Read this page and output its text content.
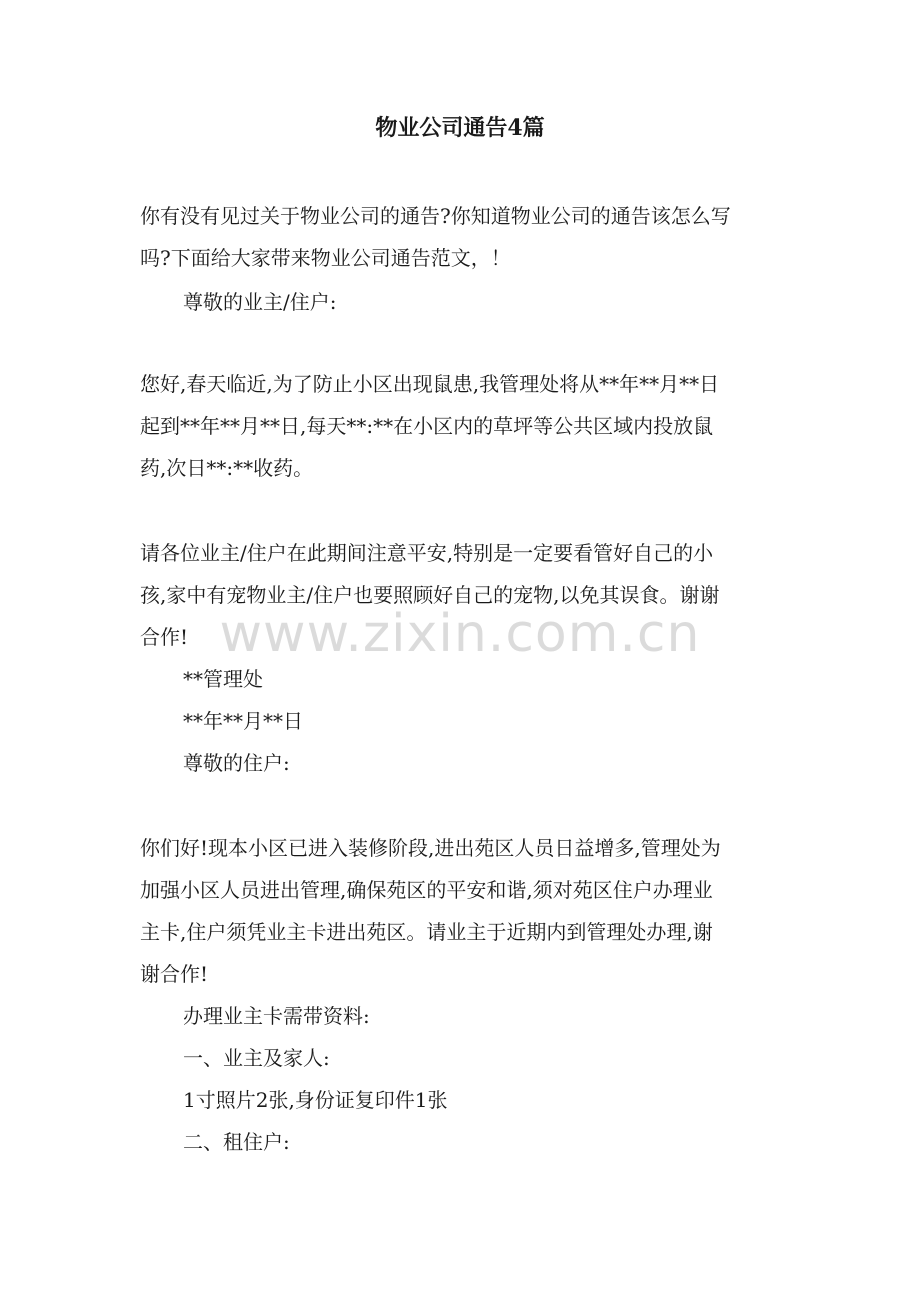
物业公司通告4篇
你有没有见过关于物业公司的通告?你知道物业公司的通告该怎么写
吗?下面给大家带来物业公司通告范文，！
尊敬的业主/住户:
您好,春天临近,为了防止小区出现鼠患,我管理处将从**年**月**日
起到**年**月**日,每天**:**在小区内的草坪等公共区域内投放鼠
药,次日**:**收药。
请各位业主/住户在此期间注意平安,特别是一定要看管好自己的小
孩,家中有宠物业主/住户也要照顾好自己的宠物,以免其误食。谢谢
合作!
**管理处
**年**月**日
尊敬的住户:
你们好!现本小区已进入装修阶段,进出苑区人员日益增多,管理处为
加强小区人员进出管理,确保苑区的平安和谐,须对苑区住户办理业
主卡,住户须凭业主卡进出苑区。请业主于近期内到管理处办理,谢
谢合作!
办理业主卡需带资料:
一、业主及家人:
1寸照片2张,身份证复印件1张
二、租住户:
www.zixin.com.cn
